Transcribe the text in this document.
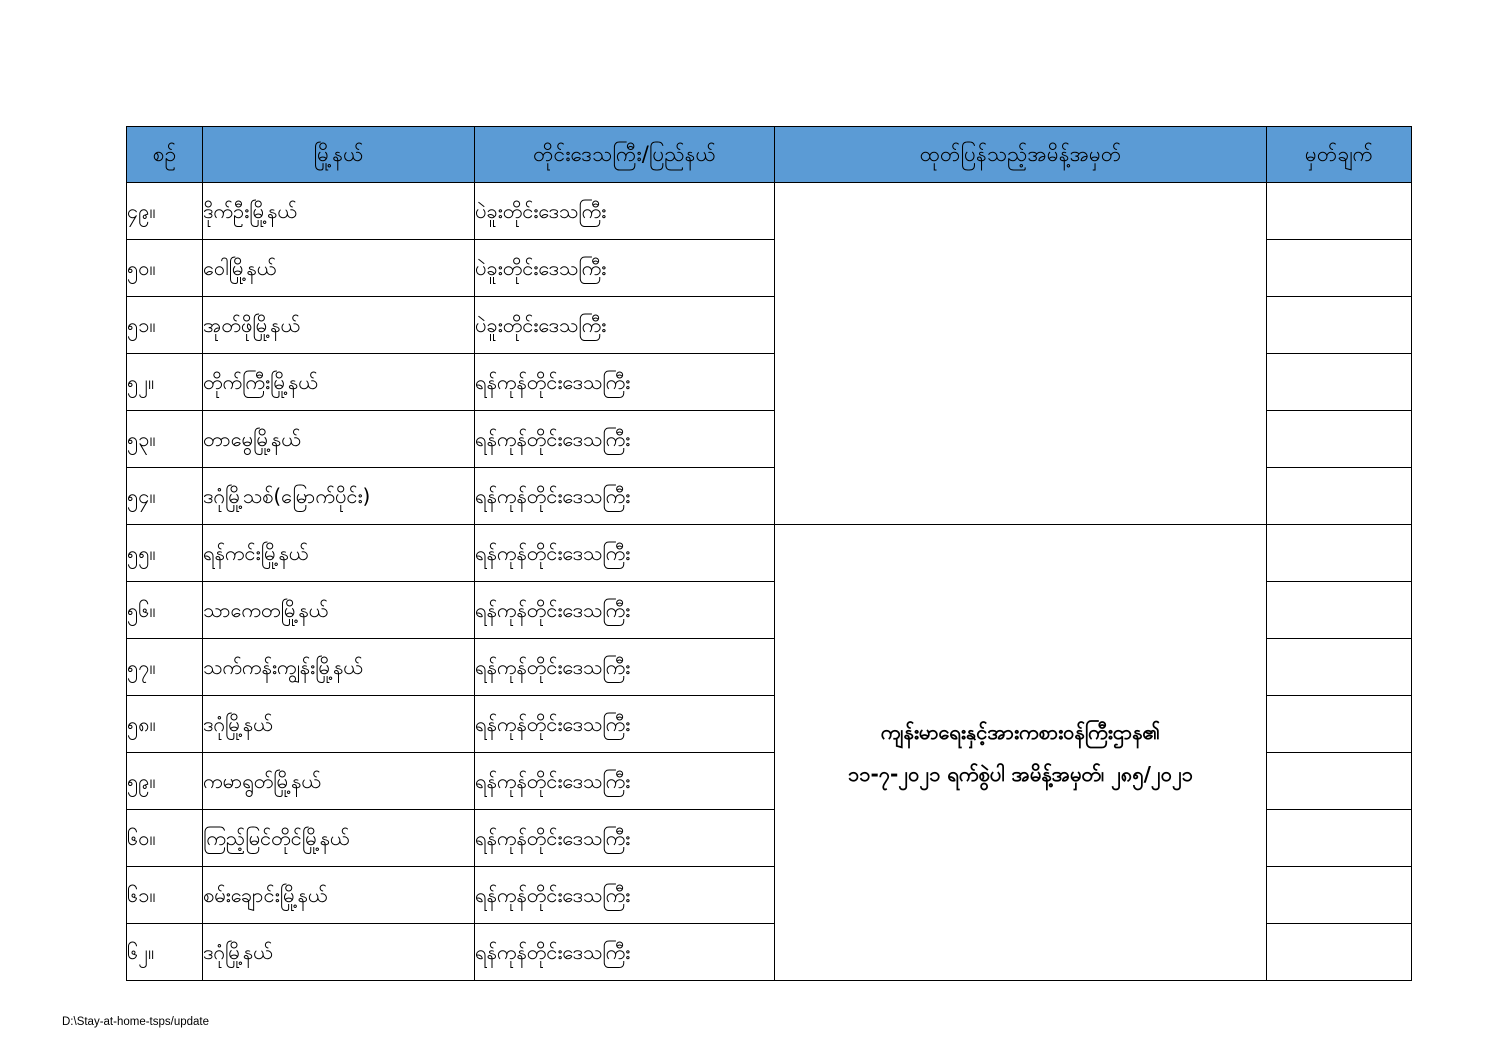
စဉ်	မြို့နယ်	တိုင်းဒေသကြီး/ပြည်နယ်	ထုတ်ပြန်သည့်အမိန့်အမှတ်	မှတ်ချက်
၄၉။	ဒိုက်ဦးမြို့နယ်	ပဲခူးတိုင်းဒေသကြီး		
၅၀။	ဝေါမြို့နယ်	ပဲခူးတိုင်းဒေသကြီး		
၅၁။	အုတ်ဖိုမြို့နယ်	ပဲခူးတိုင်းဒေသကြီး		
၅၂။	တိုက်ကြီးမြို့နယ်	ရန်ကုန်တိုင်းဒေသကြီး		
၅၃။	တာမွေမြို့နယ်	ရန်ကုန်တိုင်းဒေသကြီး		
၅၄။	ဒဂုံမြို့သစ်(မြောက်ပိုင်း)	ရန်ကုန်တိုင်းဒေသကြီး		
၅၅။	ရန်ကင်းမြို့နယ်	ရန်ကုန်တိုင်းဒေသကြီး	ကျန်းမာရေးနှင့်အားကစားဝန်ကြီးဌာန၏
၁၁-၇-၂၀၂၁ ရက်စွဲပါ အမိန့်အမှတ်၊ ၂၈၅/၂၀၂၁	

၅၆။	သာကေတမြို့နယ်	ရန်ကုန်တိုင်းဒေသကြီး		
၅၇။	သက်ကန်းကျွန်းမြို့နယ်	ရန်ကုန်တိုင်းဒေသကြီး		
၅၈။	ဒဂုံမြို့နယ်	ရန်ကုန်တိုင်းဒေသကြီး		
၅၉။	ကမာရွတ်မြို့နယ်	ရန်ကုန်တိုင်းဒေသကြီး		
၆၀။	ကြည့်မြင်တိုင်မြို့နယ်	ရန်ကုန်တိုင်းဒေသကြီး		
၆၁။	စမ်းချောင်းမြို့နယ်	ရန်ကုန်တိုင်းဒေသကြီး		
၆၂။	ဒဂုံမြို့နယ်	ရန်ကုန်တိုင်းဒေသကြီး		
D:\Stay-at-home-tsps/update
